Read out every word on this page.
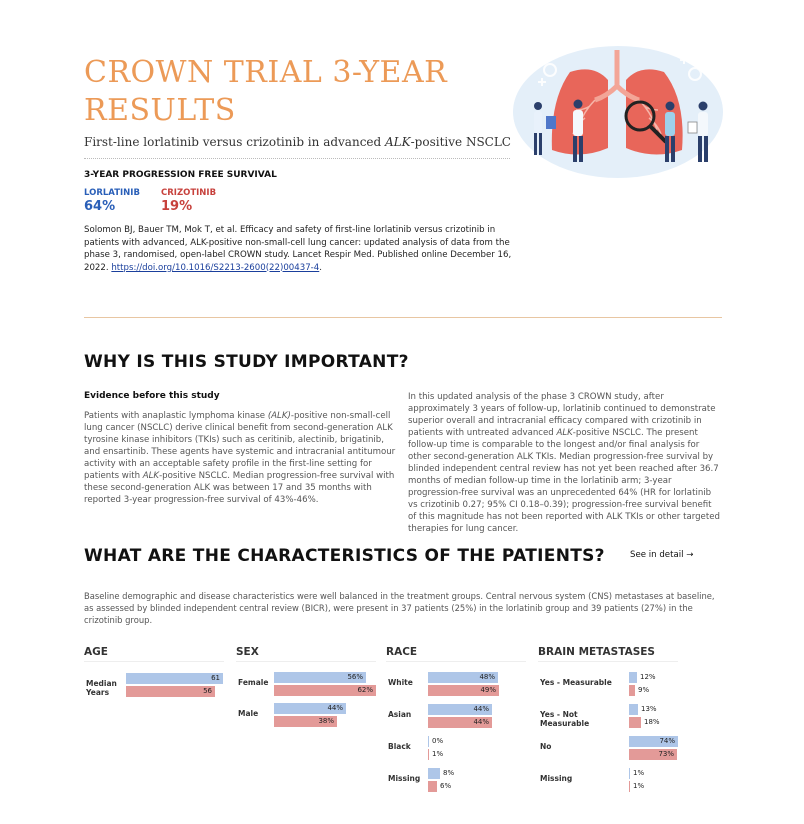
CROWN TRIAL 3-YEAR RESULTS
First-line lorlatinib versus crizotinib in advanced ALK-positive NSCLC
3-YEAR PROGRESSION FREE SURVIVAL
LORLATINIB
64%
CRIZOTINIB
19%
Solomon BJ, Bauer TM, Mok T, et al. Efficacy and safety of first-line lorlatinib versus crizotinib in patients with advanced, ALK-positive non-small-cell lung cancer: updated analysis of data from the phase 3, randomised, open-label CROWN study. Lancet Respir Med. Published online December 16, 2022. https://doi.org/10.1016/S2213-2600(22)00437-4.
WHY IS THIS STUDY IMPORTANT?
Evidence before this study
Patients with anaplastic lymphoma kinase (ALK)-positive non-small-cell lung cancer (NSCLC) derive clinical benefit from second-generation ALK tyrosine kinase inhibitors (TKIs) such as ceritinib, alectinib, brigatinib, and ensartinib. These agents have systemic and intracranial antitumour activity with an acceptable safety profile in the first-line setting for patients with ALK-positive NSCLC. Median progression-free survival with these second-generation ALK was between 17 and 35 months with reported 3-year progression-free survival of 43%-46%.
In this updated analysis of the phase 3 CROWN study, after approximately 3 years of follow-up, lorlatinib continued to demonstrate superior overall and intracranial efficacy compared with crizotinib in patients with untreated advanced ALK-positive NSCLC. The present follow-up time is comparable to the longest and/or final analysis for other second-generation ALK TKIs. Median progression-free survival by blinded independent central review has not yet been reached after 36.7 months of median follow-up time in the lorlatinib arm; 3-year progression-free survival was an unprecedented 64% (HR for lorlatinib vs crizotinib 0.27; 95% CI 0.18–0.39); progression-free survival benefit of this magnitude has not been reported with ALK TKIs or other targeted therapies for lung cancer.
WHAT ARE THE CHARACTERISTICS OF THE PATIENTS?	See in detail →
Baseline demographic and disease characteristics were well balanced in the treatment groups. Central nervous system (CNS) metastases at baseline, as assessed by blinded independent central review (BICR), were present in 37 patients (25%) in the lorlatinib group and 39 patients (27%) in the crizotinib group.
AGE
Median Years
61
56
SEX
Female
56%
62%
Male
44%
38%
RACE
White
48%
49%
Asian
44%
44%
Black
0%
1%
Missing
8%
6%
BRAIN METASTASES
Yes - Measurable
12%
9%
Yes - Not Measurable
13%
18%
No
74%
73%
Missing
1%
1%
